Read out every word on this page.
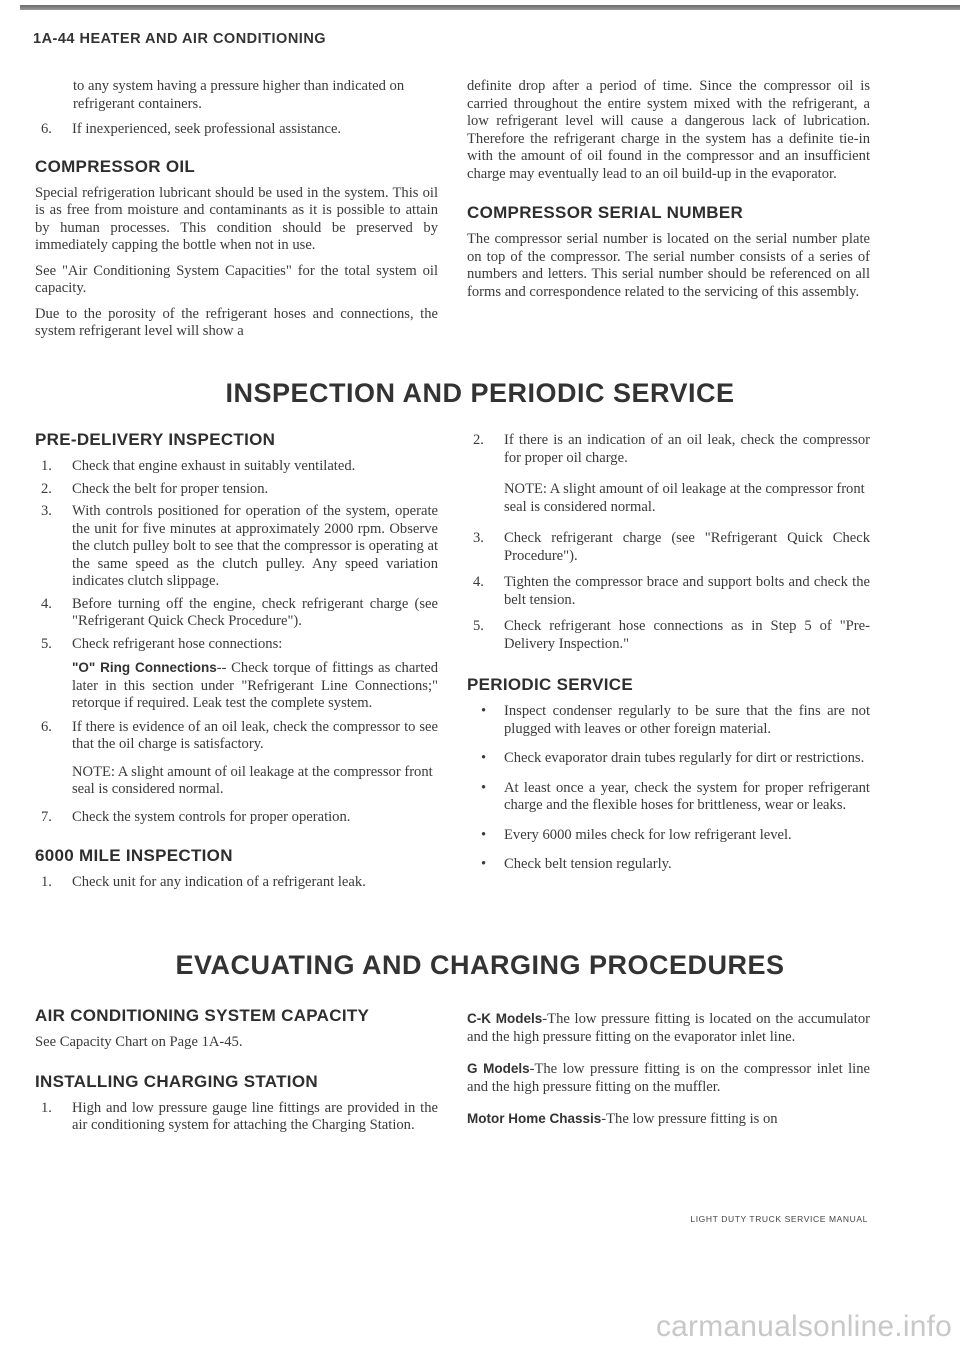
1A-44 HEATER AND AIR CONDITIONING

to any system having a pressure higher than indicated on refrigerant containers.

6. If inexperienced, seek professional assistance.
COMPRESSOR OIL

Special refrigeration lubricant should be used in the system. This oil is as free from moisture and contaminants as it is possible to attain by human processes. This condition should be preserved by immediately capping the bottle when not in use.

See "Air Conditioning System Capacities" for the total system oil capacity.

Due to the porosity of the refrigerant hoses and connections, the system refrigerant level will show a

definite drop after a period of time. Since the compressor oil is carried throughout the entire system mixed with the refrigerant, a low refrigerant level will cause a dangerous lack of lubrication. Therefore the refrigerant charge in the system has a definite tie-in with the amount of oil found in the compressor and an insufficient charge may eventually lead to an oil build-up in the evaporator.

COMPRESSOR SERIAL NUMBER

The compressor serial number is located on the serial number plate on top of the compressor. The serial number consists of a series of numbers and letters. This serial number should be referenced on all forms and correspondence related to the servicing of this assembly.

INSPECTION AND PERIODIC SERVICE
PRE-DELIVERY INSPECTION
1. Check that engine exhaust in suitably ventilated.
2. Check the belt for proper tension.
3. With controls positioned for operation of the system, operate the unit for five minutes at approximately 2000 rpm. Observe the clutch pulley bolt to see that the compressor is operating at the same speed as the clutch pulley. Any speed variation indicates clutch slippage.
4. Before turning off the engine, check refrigerant charge (see "Refrigerant Quick Check Procedure").
5. Check refrigerant hose connections:
"O" Ring Connections-- Check torque of fittings as charted later in this section under "Refrigerant Line Connections;" retorque if required. Leak test the complete system.
6. If there is evidence of an oil leak, check the compressor to see that the oil charge is satisfactory.
NOTE: A slight amount of oil leakage at the compressor front seal is considered normal.
7. Check the system controls for proper operation.
6000 MILE INSPECTION
1. Check unit for any indication of a refrigerant leak.
2. If there is an indication of an oil leak, check the compressor for proper oil charge.
NOTE: A slight amount of oil leakage at the compressor front seal is considered normal.
3. Check refrigerant charge (see "Refrigerant Quick Check Procedure").
4. Tighten the compressor brace and support bolts and check the belt tension.
5. Check refrigerant hose connections as in Step 5 of "Pre-Delivery Inspection."
PERIODIC SERVICE
• Inspect condenser regularly to be sure that the fins are not plugged with leaves or other foreign material.
• Check evaporator drain tubes regularly for dirt or restrictions.
• At least once a year, check the system for proper refrigerant charge and the flexible hoses for brittleness, wear or leaks.
• Every 6000 miles check for low refrigerant level.
• Check belt tension regularly.
EVACUATING AND CHARGING PROCEDURES
AIR CONDITIONING SYSTEM CAPACITY

See Capacity Chart on Page 1A-45.

INSTALLING CHARGING STATION
1. High and low pressure gauge line fittings are provided in the air conditioning system for attaching the Charging Station.

C-K Models-The low pressure fitting is located on the accumulator and the high pressure fitting on the evaporator inlet line.

G Models-The low pressure fitting is on the compressor inlet line and the high pressure fitting on the muffler.

Motor Home Chassis-The low pressure fitting is on

LIGHT DUTY TRUCK SERVICE MANUAL
carmanualsonline.info
